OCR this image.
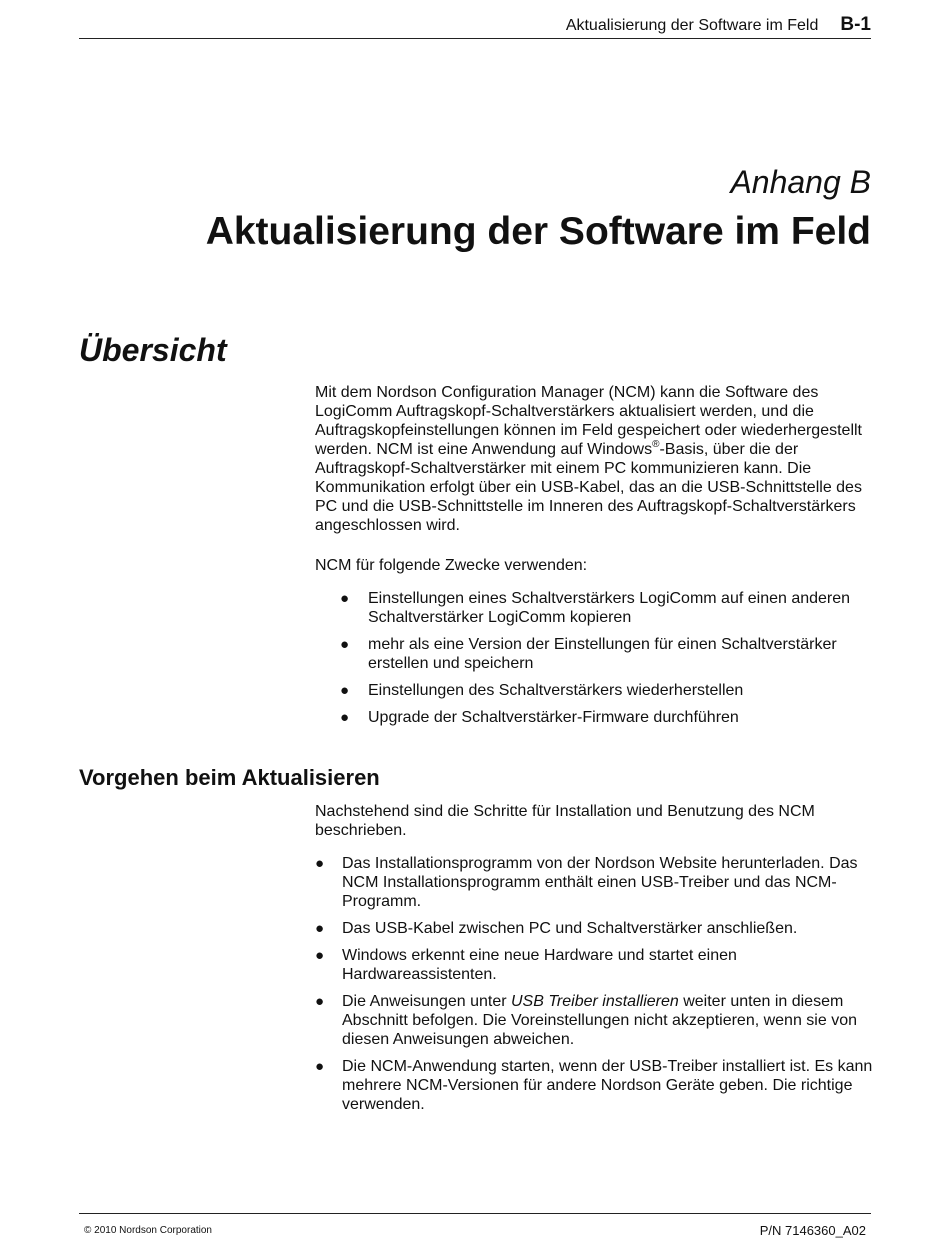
Aktualisierung der Software im Feld B-1
Anhang B
Aktualisierung der Software im Feld
Übersicht

Mit dem Nordson Configuration Manager (NCM) kann die Software des LogiComm Auftragskopf-Schaltverstärkers aktualisiert werden, und die Auftragskopfeinstellungen können im Feld gespeichert oder wiederhergestellt werden. NCM ist eine Anwendung auf Windows®-Basis, über die der Auftragskopf-Schaltverstärker mit einem PC kommunizieren kann. Die Kommunikation erfolgt über ein USB-Kabel, das an die USB-Schnittstelle des PC und die USB-Schnittstelle im Inneren des Auftragskopf-Schaltverstärkers angeschlossen wird.

NCM für folgende Zwecke verwenden:

● Einstellungen eines Schaltverstärkers LogiComm auf einen anderen Schaltverstärker LogiComm kopieren
● mehr als eine Version der Einstellungen für einen Schaltverstärker erstellen und speichern
● Einstellungen des Schaltverstärkers wiederherstellen
● Upgrade der Schaltverstärker-Firmware durchführen
Vorgehen beim Aktualisieren

Nachstehend sind die Schritte für Installation und Benutzung des NCM beschrieben.

● Das Installationsprogramm von der Nordson Website herunterladen. Das NCM Installationsprogramm enthält einen USB-Treiber und das NCM-Programm.
● Das USB-Kabel zwischen PC und Schaltverstärker anschließen.
● Windows erkennt eine neue Hardware und startet einen Hardwareassistenten.
● Die Anweisungen unter USB Treiber installieren weiter unten in diesem Abschnitt befolgen. Die Voreinstellungen nicht akzeptieren, wenn sie von diesen Anweisungen abweichen.
● Die NCM-Anwendung starten, wenn der USB-Treiber installiert ist. Es kann mehrere NCM-Versionen für andere Nordson Geräte geben. Die richtige verwenden.
© 2010 Nordson Corporation	P/N 7146360_A02
